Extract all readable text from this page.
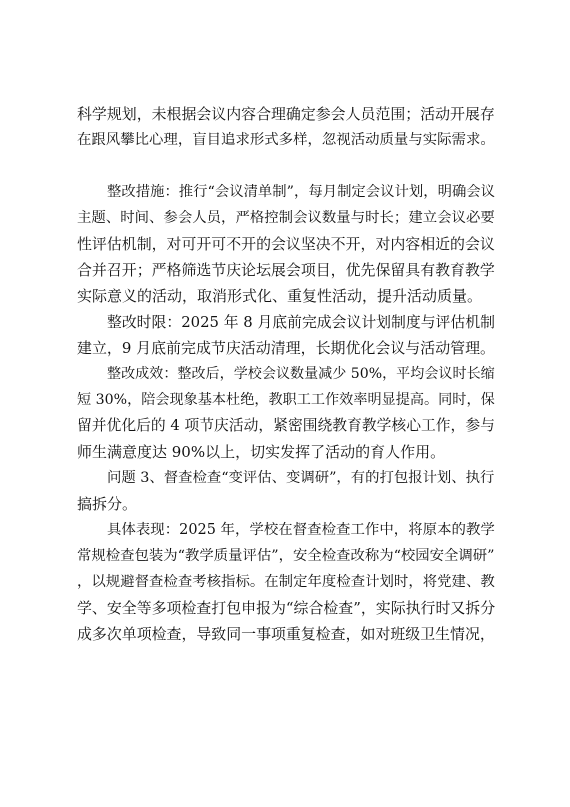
科学规划，未根据会议内容合理确定参会人员范围；活动开展存
在跟风攀比心理，盲目追求形式多样，忽视活动质量与实际需求。
整改措施：推行“会议清单制”，每月制定会议计划，明确会议
主题、时间、参会人员，严格控制会议数量与时长；建立会议必要
性评估机制，对可开可不开的会议坚决不开，对内容相近的会议
合并召开；严格筛选节庆论坛展会项目，优先保留具有教育教学
实际意义的活动，取消形式化、重复性活动，提升活动质量。
整改时限：2025 年 8 月底前完成会议计划制度与评估机制
建立，9 月底前完成节庆活动清理，长期优化会议与活动管理。
整改成效：整改后，学校会议数量减少 50%，平均会议时长缩
短 30%，陪会现象基本杜绝，教职工工作效率明显提高。同时，保
留并优化后的 4 项节庆活动，紧密围绕教育教学核心工作，参与
师生满意度达 90%以上，切实发挥了活动的育人作用。
问题 3、督查检查“变评估、变调研”，有的打包报计划、执行
搞拆分。
具体表现：2025 年，学校在督查检查工作中，将原本的教学
常规检查包装为“教学质量评估”，安全检查改称为“校园安全调研”
，以规避督查检查考核指标。在制定年度检查计划时，将党建、教
学、安全等多项检查打包申报为“综合检查”，实际执行时又拆分
成多次单项检查，导致同一事项重复检查，如对班级卫生情况，
